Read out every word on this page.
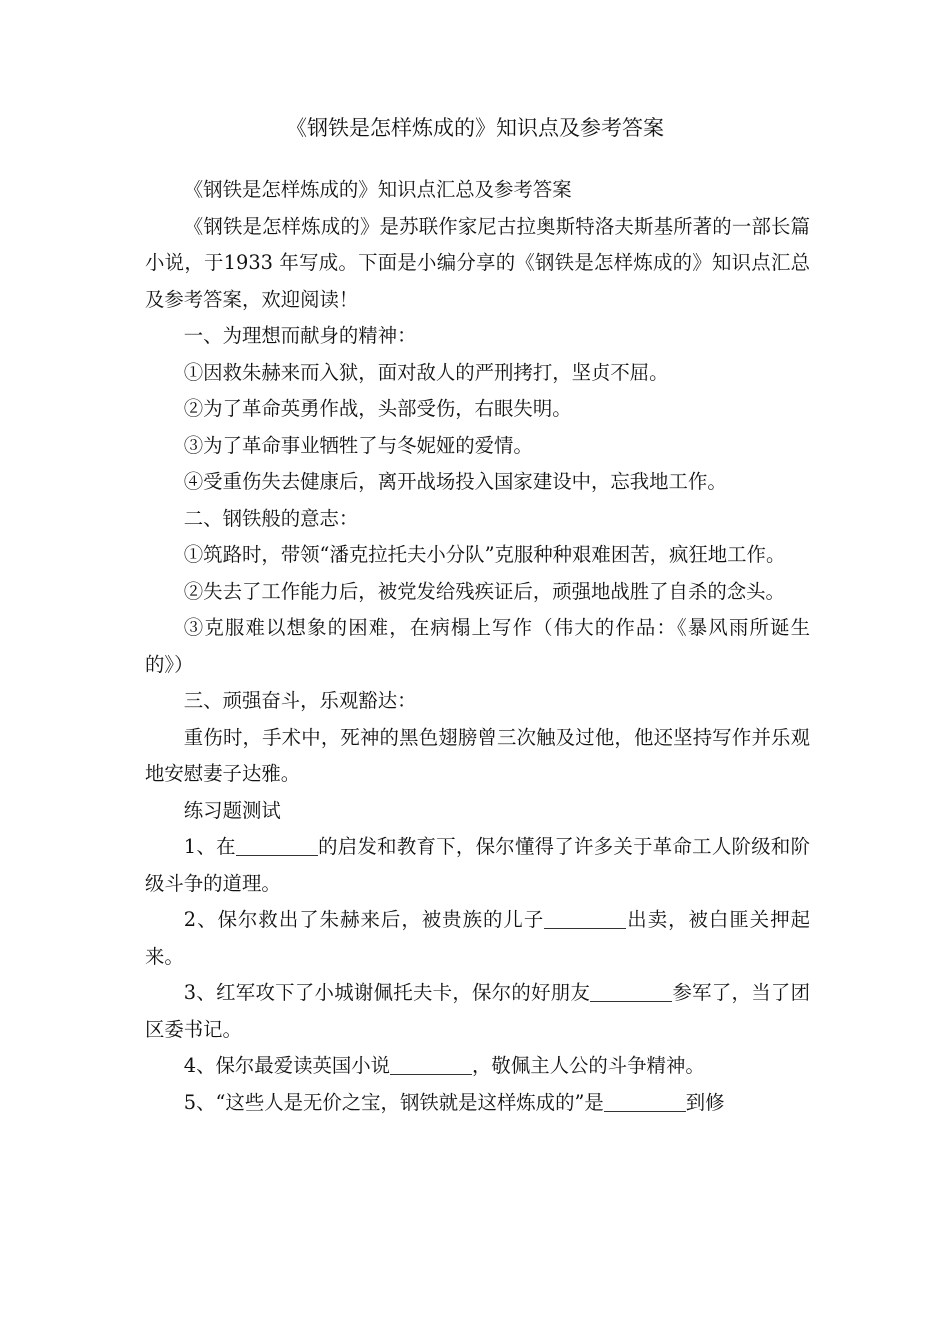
《钢铁是怎样炼成的》知识点及参考答案

《钢铁是怎样炼成的》知识点汇总及参考答案

《钢铁是怎样炼成的》是苏联作家尼古拉奥斯特洛夫斯基所著的一部长篇小说，于1933 年写成。下面是小编分享的《钢铁是怎样炼成的》知识点汇总及参考答案，欢迎阅读！

一、为理想而献身的精神：

①因救朱赫来而入狱，面对敌人的严刑拷打，坚贞不屈。

②为了革命英勇作战，头部受伤，右眼失明。

③为了革命事业牺牲了与冬妮娅的爱情。

④受重伤失去健康后，离开战场投入国家建设中，忘我地工作。

二、钢铁般的意志：

①筑路时，带领“潘克拉托夫小分队”克服种种艰难困苦，疯狂地工作。

②失去了工作能力后，被党发给残疾证后，顽强地战胜了自杀的念头。

③克服难以想象的困难，在病榻上写作（伟大的作品：《暴风雨所诞生的》）

三、顽强奋斗，乐观豁达：

重伤时，手术中，死神的黑色翅膀曾三次触及过他，他还坚持写作并乐观地安慰妻子达雅。

练习题测试

1、在	的启发和教育下，保尔懂得了许多关于革命工人阶级和阶级斗争的道理。

2、保尔救出了朱赫来后，被贵族的儿子	出卖，被白匪关押起来。

3、红军攻下了小城谢佩托夫卡，保尔的好朋友	参军了，当了团区委书记。

4、保尔最爱读英国小说	，敬佩主人公的斗争精神。

5、“这些人是无价之宝，钢铁就是这样炼成的”是	到修
